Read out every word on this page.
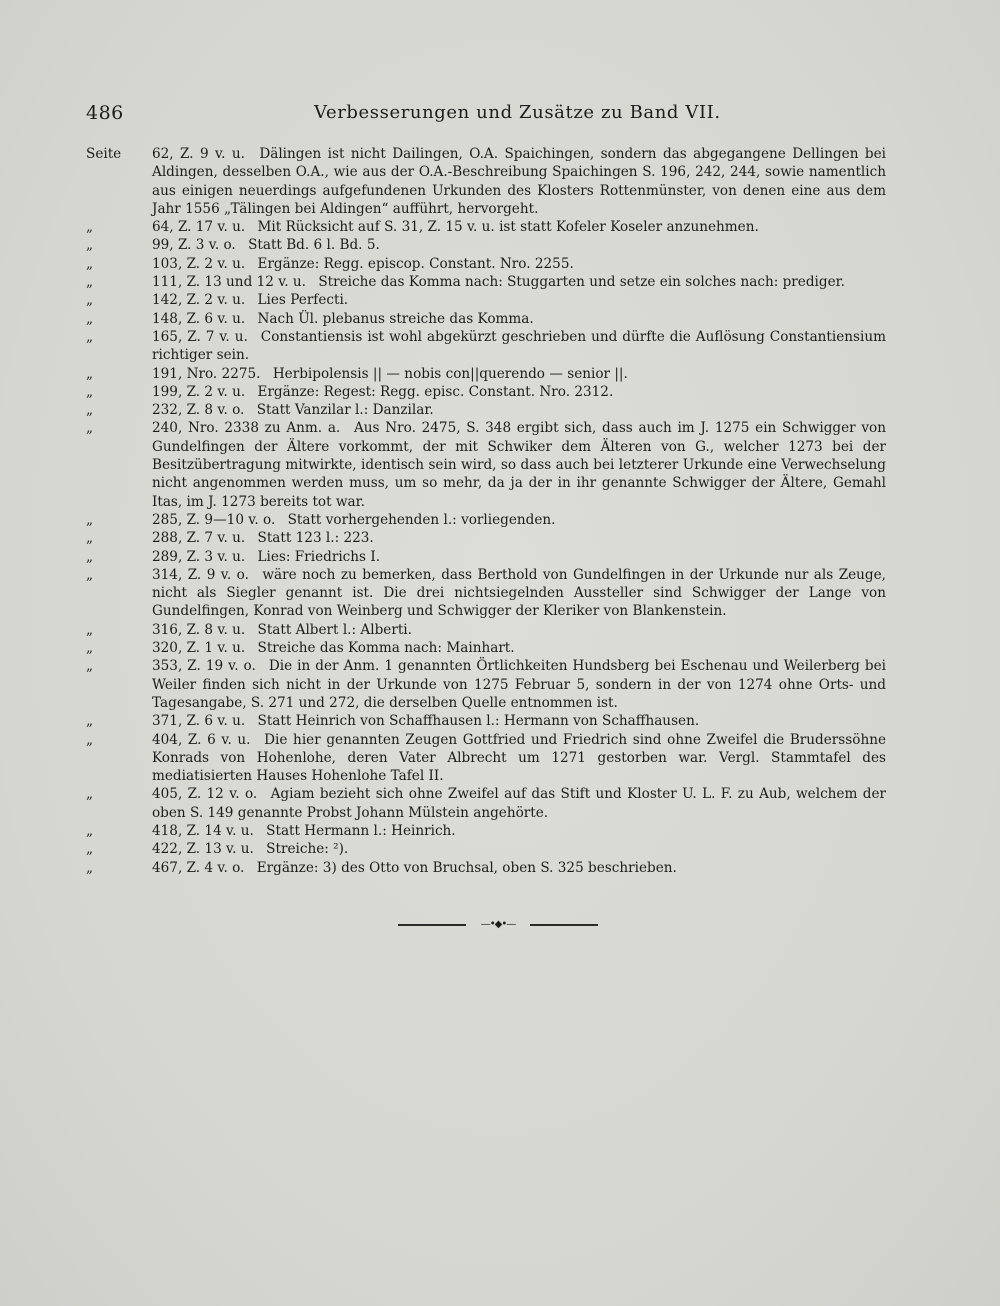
486	Verbesserungen und Zusätze zu Band VII.
Seite	62, Z. 9 v. u. Dälingen ist nicht Dailingen, O.A. Spaichingen, sondern das abgegangene Dellingen bei Aldingen, desselben O.A., wie aus der O.A.-Beschreibung Spaichingen S. 196, 242, 244, sowie namentlich aus einigen neuerdings aufgefundenen Urkunden des Klosters Rottenmünster, von denen eine aus dem Jahr 1556 „Tälingen bei Aldingen“ aufführt, hervorgeht.
„	64, Z. 17 v. u. Mit Rücksicht auf S. 31, Z. 15 v. u. ist statt Kofeler Koseler anzunehmen.
„	99, Z. 3 v. o. Statt Bd. 6 l. Bd. 5.
„	103, Z. 2 v. u. Ergänze: Regg. episcop. Constant. Nro. 2255.
„	111, Z. 13 und 12 v. u. Streiche das Komma nach: Stuggarten und setze ein solches nach: prediger.
„	142, Z. 2 v. u. Lies Perfecti.
„	148, Z. 6 v. u. Nach Ül. plebanus streiche das Komma.
„	165, Z. 7 v. u. Constantiensis ist wohl abgekürzt geschrieben und dürfte die Auflösung Constantiensium richtiger sein.
„	191, Nro. 2275. Herbipolensis || — nobis con||querendo — senior ||.
„	199, Z. 2 v. u. Ergänze: Regest: Regg. episc. Constant. Nro. 2312.
„	232, Z. 8 v. o. Statt Vanzilar l.: Danzilar.
„	240, Nro. 2338 zu Anm. a. Aus Nro. 2475, S. 348 ergibt sich, dass auch im J. 1275 ein Schwigger von Gundelfingen der Ältere vorkommt, der mit Schwiker dem Älteren von G., welcher 1273 bei der Besitzübertragung mitwirkte, identisch sein wird, so dass auch bei letzterer Urkunde eine Verwechselung nicht angenommen werden muss, um so mehr, da ja der in ihr genannte Schwigger der Ältere, Gemahl Itas, im J. 1273 bereits tot war.
„	285, Z. 9—10 v. o. Statt vorhergehenden l.: vorliegenden.
„	288, Z. 7 v. u. Statt 123 l.: 223.
„	289, Z. 3 v. u. Lies: Friedrichs I.
„	314, Z. 9 v. o. wäre noch zu bemerken, dass Berthold von Gundelfingen in der Urkunde nur als Zeuge, nicht als Siegler genannt ist. Die drei nichtsiegelnden Aussteller sind Schwigger der Lange von Gundelfingen, Konrad von Weinberg und Schwigger der Kleriker von Blankenstein.
„	316, Z. 8 v. u. Statt Albert l.: Alberti.
„	320, Z. 1 v. u. Streiche das Komma nach: Mainhart.
„	353, Z. 19 v. o. Die in der Anm. 1 genannten Örtlichkeiten Hundsberg bei Eschenau und Weilerberg bei Weiler finden sich nicht in der Urkunde von 1275 Februar 5, sondern in der von 1274 ohne Orts- und Tagesangabe, S. 271 und 272, die derselben Quelle entnommen ist.
„	371, Z. 6 v. u. Statt Heinrich von Schaffhausen l.: Hermann von Schaffhausen.
„	404, Z. 6 v. u. Die hier genannten Zeugen Gottfried und Friedrich sind ohne Zweifel die Bruderssöhne Konrads von Hohenlohe, deren Vater Albrecht um 1271 gestorben war. Vergl. Stammtafel des mediatisierten Hauses Hohenlohe Tafel II.
„	405, Z. 12 v. o. Agiam bezieht sich ohne Zweifel auf das Stift und Kloster U. L. F. zu Aub, welchem der oben S. 149 genannte Probst Johann Mülstein angehörte.
„	418, Z. 14 v. u. Statt Hermann l.: Heinrich.
„	422, Z. 13 v. u. Streiche: ²).
„	467, Z. 4 v. o. Ergänze: 3) des Otto von Bruchsal, oben S. 325 beschrieben.
—•◆•—
